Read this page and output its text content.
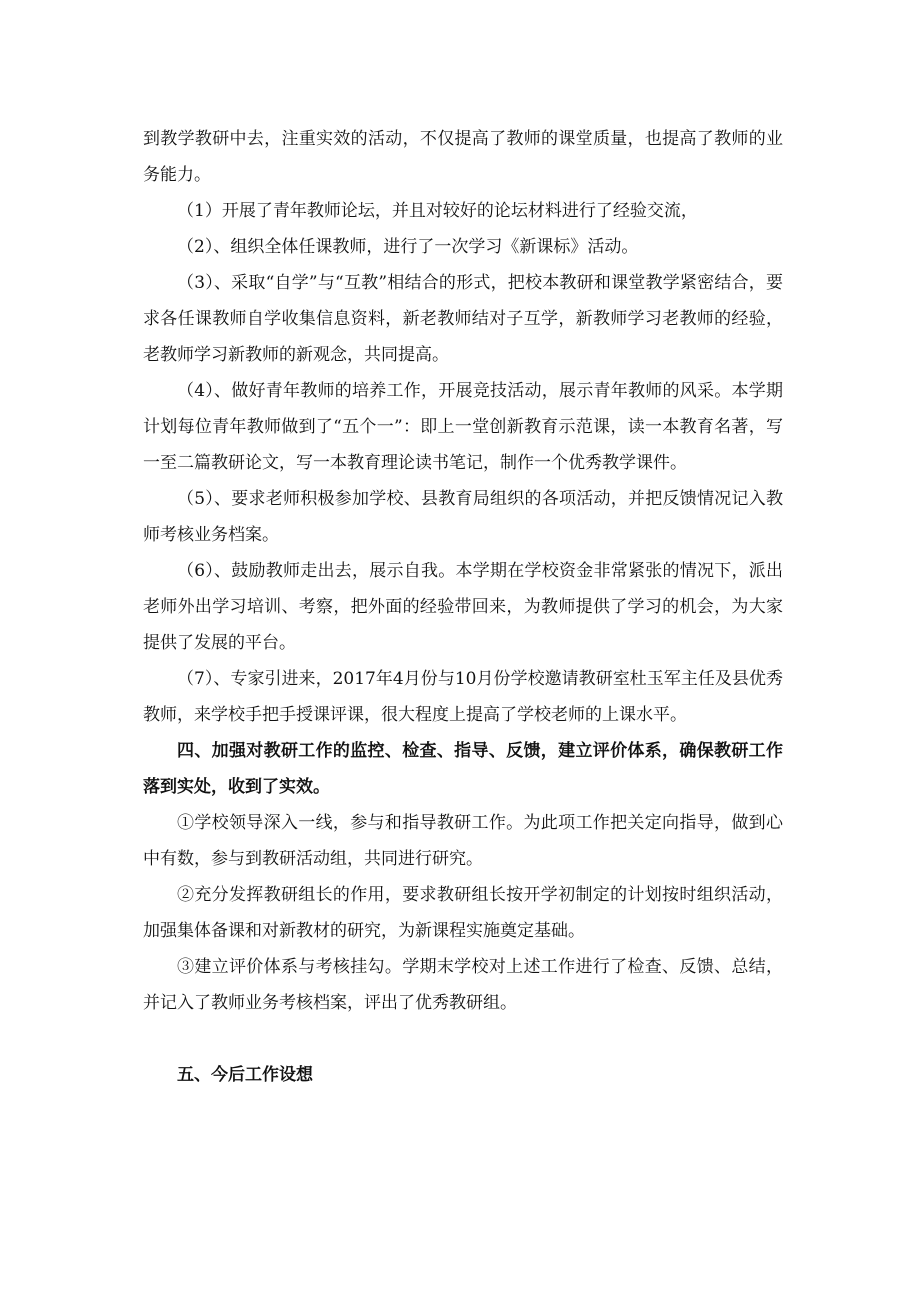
到教学教研中去，注重实效的活动，不仅提高了教师的课堂质量，也提高了教师的业务能力。

（1）开展了青年教师论坛，并且对较好的论坛材料进行了经验交流，

（2）、组织全体任课教师，进行了一次学习《新课标》活动。

（3）、采取“自学”与“互教”相结合的形式，把校本教研和课堂教学紧密结合，要求各任课教师自学收集信息资料，新老教师结对子互学，新教师学习老教师的经验，老教师学习新教师的新观念，共同提高。

（4）、做好青年教师的培养工作，开展竞技活动，展示青年教师的风采。本学期计划每位青年教师做到了“五个一”：即上一堂创新教育示范课，读一本教育名著，写一至二篇教研论文，写一本教育理论读书笔记，制作一个优秀教学课件。

（5）、要求老师积极参加学校、县教育局组织的各项活动，并把反馈情况记入教师考核业务档案。

（6）、鼓励教师走出去，展示自我。本学期在学校资金非常紧张的情况下，派出老师外出学习培训、考察，把外面的经验带回来，为教师提供了学习的机会，为大家提供了发展的平台。

（7）、专家引进来，2017年4月份与10月份学校邀请教研室杜玉军主任及县优秀教师，来学校手把手授课评课，很大程度上提高了学校老师的上课水平。

四、加强对教研工作的监控、检查、指导、反馈，建立评价体系，确保教研工作落到实处，收到了实效。

①学校领导深入一线，参与和指导教研工作。为此项工作把关定向指导，做到心中有数，参与到教研活动组，共同进行研究。

②充分发挥教研组长的作用，要求教研组长按开学初制定的计划按时组织活动，加强集体备课和对新教材的研究，为新课程实施奠定基础。

③建立评价体系与考核挂勾。学期末学校对上述工作进行了检查、反馈、总结，并记入了教师业务考核档案，评出了优秀教研组。

五、今后工作设想
